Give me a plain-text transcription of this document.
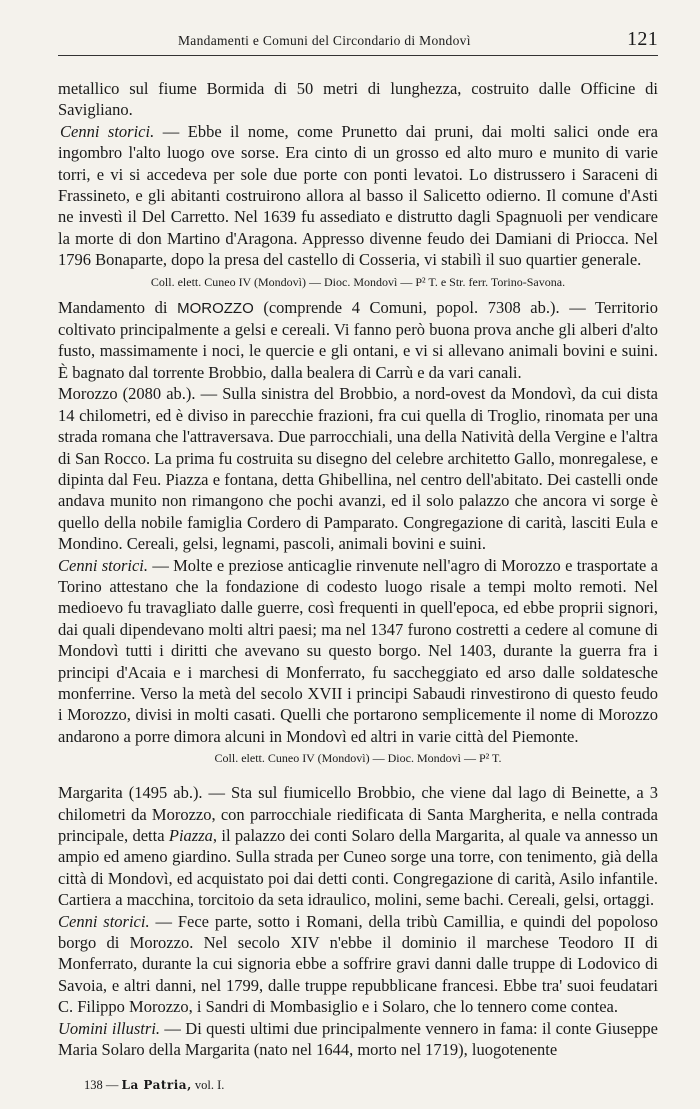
Mandamenti e Comuni del Circondario di Mondovì	121

metallico sul fiume Bormida di 50 metri di lunghezza, costruito dalle Officine di Savigliano.

Cenni storici. — Ebbe il nome, come Prunetto dai pruni, dai molti salici onde era ingombro l'alto luogo ove sorse. Era cinto di un grosso ed alto muro e munito di varie torri, e vi si accedeva per sole due porte con ponti levatoi. Lo distrussero i Saraceni di Frassineto, e gli abitanti costruirono allora al basso il Salicetto odierno. Il comune d'Asti ne investì il Del Carretto. Nel 1639 fu assediato e distrutto dagli Spagnuoli per vendicare la morte di don Martino d'Aragona. Appresso divenne feudo dei Damiani di Priocca. Nel 1796 Bonaparte, dopo la presa del castello di Cosseria, vi stabilì il suo quartier generale.

Coll. elett. Cuneo IV (Mondovì) — Dioc. Mondovì — P² T. e Str. ferr. Torino-Savona.

Mandamento di MOROZZO (comprende 4 Comuni, popol. 7308 ab.). — Territorio coltivato principalmente a gelsi e cereali. Vi fanno però buona prova anche gli alberi d'alto fusto, massimamente i noci, le quercie e gli ontani, e vi si allevano animali bovini e suini. È bagnato dal torrente Brobbio, dalla bealera di Carrù e da vari canali.

Morozzo (2080 ab.). — Sulla sinistra del Brobbio, a nord-ovest da Mondovì, da cui dista 14 chilometri, ed è diviso in parecchie frazioni, fra cui quella di Troglio, rinomata per una strada romana che l'attraversava. Due parrocchiali, una della Natività della Vergine e l'altra di San Rocco. La prima fu costruita su disegno del celebre architetto Gallo, monregalese, e dipinta dal Feu. Piazza e fontana, detta Ghibellina, nel centro dell'abitato. Dei castelli onde andava munito non rimangono che pochi avanzi, ed il solo palazzo che ancora vi sorge è quello della nobile famiglia Cordero di Pamparato. Congregazione di carità, lasciti Eula e Mondino. Cereali, gelsi, legnami, pascoli, animali bovini e suini.

Cenni storici. — Molte e preziose anticaglie rinvenute nell'agro di Morozzo e trasportate a Torino attestano che la fondazione di codesto luogo risale a tempi molto remoti. Nel medioevo fu travagliato dalle guerre, così frequenti in quell'epoca, ed ebbe proprii signori, dai quali dipendevano molti altri paesi; ma nel 1347 furono costretti a cedere al comune di Mondovì tutti i diritti che avevano su questo borgo. Nel 1403, durante la guerra fra i principi d'Acaia e i marchesi di Monferrato, fu saccheggiato ed arso dalle soldatesche monferrine. Verso la metà del secolo XVII i principi Sabaudi rinvestirono di questo feudo i Morozzo, divisi in molti casati. Quelli che portarono semplicemente il nome di Morozzo andarono a porre dimora alcuni in Mondovì ed altri in varie città del Piemonte.

Coll. elett. Cuneo IV (Mondovì) — Dioc. Mondovì — P² T.

Margarita (1495 ab.). — Sta sul fiumicello Brobbio, che viene dal lago di Beinette, a 3 chilometri da Morozzo, con parrocchiale riedificata di Santa Margherita, e nella contrada principale, detta Piazza, il palazzo dei conti Solaro della Margarita, al quale va annesso un ampio ed ameno giardino. Sulla strada per Cuneo sorge una torre, con tenimento, già della città di Mondovì, ed acquistato poi dai detti conti. Congregazione di carità, Asilo infantile. Cartiera a macchina, torcitoio da seta idraulico, molini, seme bachi. Cereali, gelsi, ortaggi.

Cenni storici. — Fece parte, sotto i Romani, della tribù Camillia, e quindi del popoloso borgo di Morozzo. Nel secolo XIV n'ebbe il dominio il marchese Teodoro II di Monferrato, durante la cui signoria ebbe a soffrire gravi danni dalle truppe di Lodovico di Savoia, e altri danni, nel 1799, dalle truppe repubblicane francesi. Ebbe tra' suoi feudatari C. Filippo Morozzo, i Sandri di Mombasiglio e i Solaro, che lo tennero come contea.

Uomini illustri. — Di questi ultimi due principalmente vennero in fama: il conte Giuseppe Maria Solaro della Margarita (nato nel 1644, morto nel 1719), luogotenente

138 — La Patria, vol. I.
